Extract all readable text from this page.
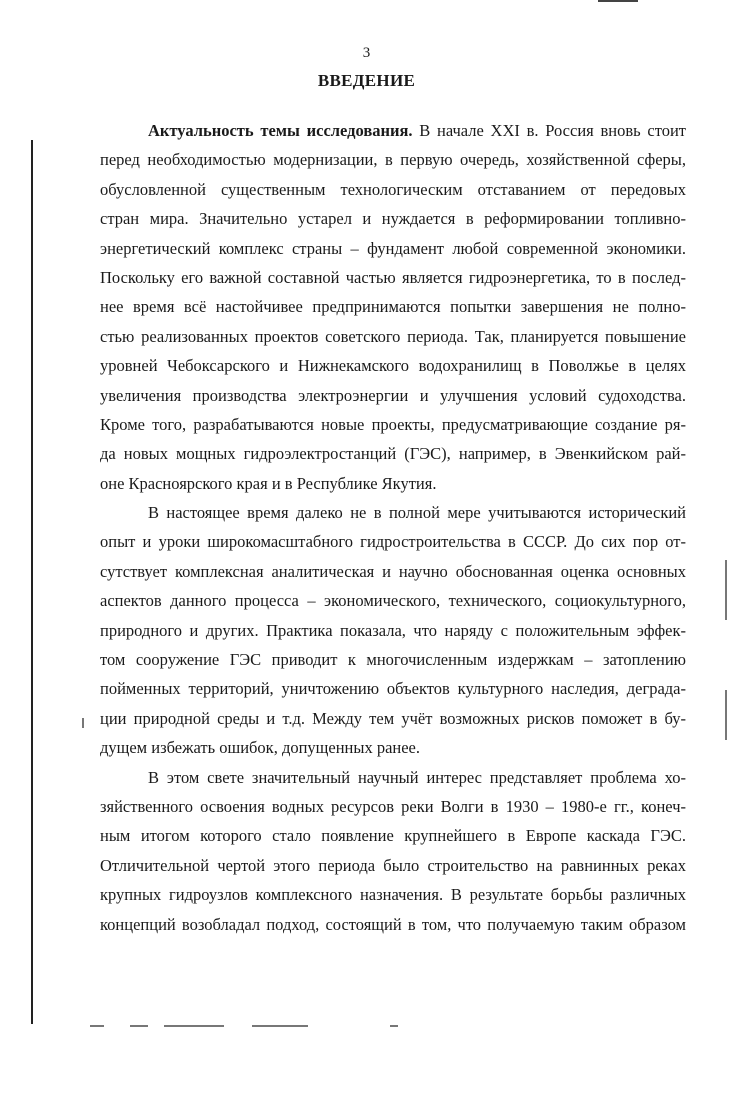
3
ВВЕДЕНИЕ
Актуальность темы исследования. В начале XXI в. Россия вновь стоит
перед необходимостью модернизации, в первую очередь, хозяйственной сферы,
обусловленной существенным технологическим отставанием от передовых
стран мира. Значительно устарел и нуждается в реформировании топливно-
энергетический комплекс страны – фундамент любой современной экономики.
Поскольку его важной составной частью является гидроэнергетика, то в послед-
нее время всё настойчивее предпринимаются попытки завершения не полно-
стью реализованных проектов советского периода. Так, планируется повышение
уровней Чебоксарского и Нижнекамского водохранилищ в Поволжье в целях
увеличения производства электроэнергии и улучшения условий судоходства.
Кроме того, разрабатываются новые проекты, предусматривающие создание ря-
да новых мощных гидроэлектростанций (ГЭС), например, в Эвенкийском рай-
оне Красноярского края и в Республике Якутия.
В настоящее время далеко не в полной мере учитываются исторический
опыт и уроки широкомасштабного гидростроительства в СССР. До сих пор от-
сутствует комплексная аналитическая и научно обоснованная оценка основных
аспектов данного процесса – экономического, технического, социокультурного,
природного и других. Практика показала, что наряду с положительным эффек-
том сооружение ГЭС приводит к многочисленным издержкам – затоплению
пойменных территорий, уничтожению объектов культурного наследия, деграда-
ции природной среды и т.д. Между тем учёт возможных рисков поможет в бу-
дущем избежать ошибок, допущенных ранее.
В этом свете значительный научный интерес представляет проблема хо-
зяйственного освоения водных ресурсов реки Волги в 1930 – 1980-е гг., конеч-
ным итогом которого стало появление крупнейшего в Европе каскада ГЭС.
Отличительной чертой этого периода было строительство на равнинных реках
крупных гидроузлов комплексного назначения. В результате борьбы различных
концепций возобладал подход, состоящий в том, что получаемую таким образом
